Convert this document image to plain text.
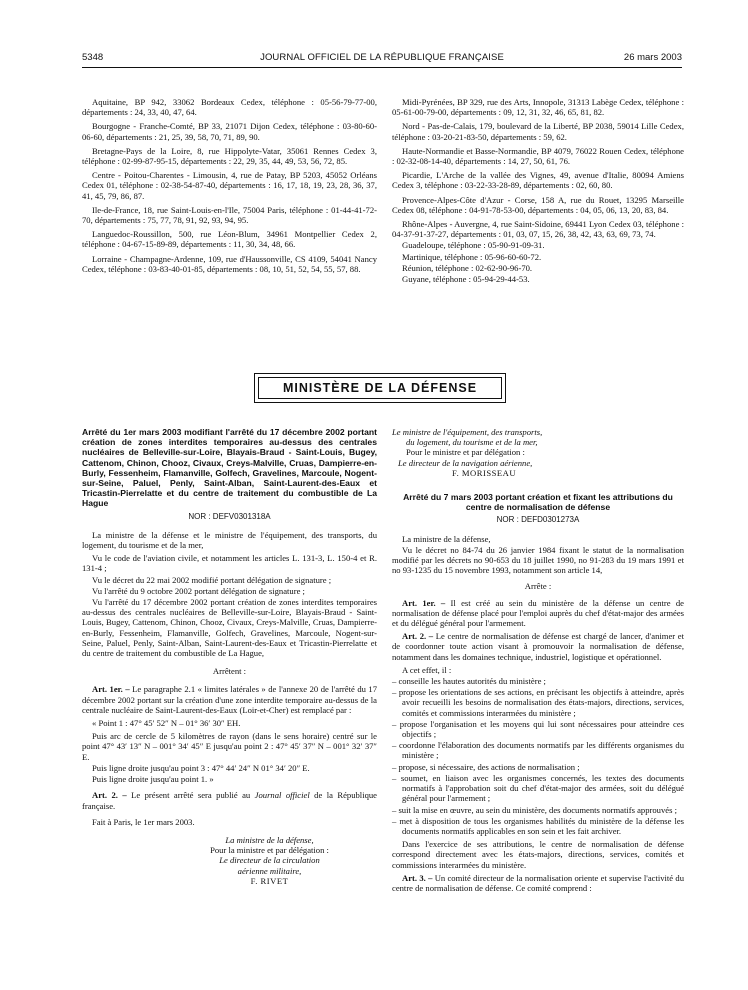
5348	JOURNAL OFFICIEL DE LA RÉPUBLIQUE FRANÇAISE	26 mars 2003

Aquitaine, BP 942, 33062 Bordeaux Cedex, téléphone : 05-56-79-77-00, départements : 24, 33, 40, 47, 64.

Bourgogne - Franche-Comté, BP 33, 21071 Dijon Cedex, téléphone : 03-80-60-06-60, départements : 21, 25, 39, 58, 70, 71, 89, 90.

Bretagne-Pays de la Loire, 8, rue Hippolyte-Vatar, 35061 Rennes Cedex 3, téléphone : 02-99-87-95-15, départements : 22, 29, 35, 44, 49, 53, 56, 72, 85.

Centre - Poitou-Charentes - Limousin, 4, rue de Patay, BP 5203, 45052 Orléans Cedex 01, téléphone : 02-38-54-87-40, départements : 16, 17, 18, 19, 23, 28, 36, 37, 41, 45, 79, 86, 87.

Ile-de-France, 18, rue Saint-Louis-en-l'Ile, 75004 Paris, téléphone : 01-44-41-72-70, départements : 75, 77, 78, 91, 92, 93, 94, 95.

Languedoc-Roussillon, 500, rue Léon-Blum, 34961 Montpellier Cedex 2, téléphone : 04-67-15-89-89, départements : 11, 30, 34, 48, 66.

Lorraine - Champagne-Ardenne, 109, rue d'Haussonville, CS 4109, 54041 Nancy Cedex, téléphone : 03-83-40-01-85, départements : 08, 10, 51, 52, 54, 55, 57, 88.

Midi-Pyrénées, BP 329, rue des Arts, Innopole, 31313 Labège Cedex, téléphone : 05-61-00-79-00, départements : 09, 12, 31, 32, 46, 65, 81, 82.

Nord - Pas-de-Calais, 179, boulevard de la Liberté, BP 2038, 59014 Lille Cedex, téléphone : 03-20-21-83-50, départements : 59, 62.

Haute-Normandie et Basse-Normandie, BP 4079, 76022 Rouen Cedex, téléphone : 02-32-08-14-40, départements : 14, 27, 50, 61, 76.

Picardie, L'Arche de la vallée des Vignes, 49, avenue d'Italie, 80094 Amiens Cedex 3, téléphone : 03-22-33-28-89, départements : 02, 60, 80.

Provence-Alpes-Côte d'Azur - Corse, 158 A, rue du Rouet, 13295 Marseille Cedex 08, téléphone : 04-91-78-53-00, départements : 04, 05, 06, 13, 20, 83, 84.

Rhône-Alpes - Auvergne, 4, rue Saint-Sidoine, 69441 Lyon Cedex 03, téléphone : 04-37-91-37-27, départements : 01, 03, 07, 15, 26, 38, 42, 43, 63, 69, 73, 74.

Guadeloupe, téléphone : 05-90-91-09-31.

Martinique, téléphone : 05-96-60-60-72.

Réunion, téléphone : 02-62-90-96-70.

Guyane, téléphone : 05-94-29-44-53.

MINISTÈRE DE LA DÉFENSE

Arrêté du 1er mars 2003 modifiant l'arrêté du 17 décembre 2002 portant création de zones interdites temporaires au-dessus des centrales nucléaires de Belleville-sur-Loire, Blayais-Braud - Saint-Louis, Bugey, Cattenom, Chinon, Chooz, Civaux, Creys-Malville, Cruas, Dampierre-en-Burly, Fessenheim, Flamanville, Golfech, Gravelines, Marcoule, Nogent-sur-Seine, Paluel, Penly, Saint-Alban, Saint-Laurent-des-Eaux et Tricastin-Pierrelatte et du centre de traitement du combustible de La Hague

NOR : DEFV0301318A

La ministre de la défense et le ministre de l'équipement, des transports, du logement, du tourisme et de la mer,

Vu le code de l'aviation civile, et notamment les articles L. 131-3, L. 150-4 et R. 131-4 ;

Vu le décret du 22 mai 2002 modifié portant délégation de signature ;

Vu l'arrêté du 9 octobre 2002 portant délégation de signature ;

Vu l'arrêté du 17 décembre 2002 portant création de zones interdites temporaires au-dessus des centrales nucléaires de Belleville-sur-Loire, Blayais-Braud - Saint-Louis, Bugey, Cattenom, Chinon, Chooz, Civaux, Creys-Malville, Cruas, Dampierre-en-Burly, Fessenheim, Flamanville, Golfech, Gravelines, Marcoule, Nogent-sur-Seine, Paluel, Penly, Saint-Alban, Saint-Laurent-des-Eaux et Tricastin-Pierrelatte et du centre de traitement du combustible de La Hague,

Arrêtent :

Art. 1er. – Le paragraphe 2.1 « limites latérales » de l'annexe 20 de l'arrêté du 17 décembre 2002 portant sur la création d'une zone interdite temporaire au-dessus de la centrale nucléaire de Saint-Laurent-des-Eaux (Loir-et-Cher) est remplacé par :

« Point 1 : 47° 45′ 52″ N – 01° 36′ 30″ EH.

Puis arc de cercle de 5 kilomètres de rayon (dans le sens horaire) centré sur le point 47° 43′ 13″ N – 001° 34′ 45″ E jusqu'au point 2 : 47° 45′ 37″ N – 001° 32′ 37″ E.

Puis ligne droite jusqu'au point 3 : 47° 44′ 24″ N 01° 34′ 20″ E.

Puis ligne droite jusqu'au point 1. »

Art. 2. – Le présent arrêté sera publié au Journal officiel de la République française.

Fait à Paris, le 1er mars 2003.

La ministre de la défense,

Pour la ministre et par délégation :

Le directeur de la circulation

aérienne militaire,

F. RIVET

Le ministre de l'équipement, des transports,

du logement, du tourisme et de la mer,

Pour le ministre et par délégation :

Le directeur de la navigation aérienne,

F. MORISSEAU

Arrêté du 7 mars 2003 portant création et fixant les attributions du centre de normalisation de défense

NOR : DEFD0301273A

La ministre de la défense,

Vu le décret no 84-74 du 26 janvier 1984 fixant le statut de la normalisation modifié par les décrets no 90-653 du 18 juillet 1990, no 91-283 du 19 mars 1991 et no 93-1235 du 15 novembre 1993, notamment son article 14,

Arrête :

Art. 1er. – Il est créé au sein du ministère de la défense un centre de normalisation de défense placé pour l'emploi auprès du chef d'état-major des armées et du délégué général pour l'armement.

Art. 2. – Le centre de normalisation de défense est chargé de lancer, d'animer et de coordonner toute action visant à promouvoir la normalisation de défense, notamment dans les domaines technique, industriel, logistique et opérationnel.

A cet effet, il :

– conseille les hautes autorités du ministère ;
– propose les orientations de ses actions, en précisant les objectifs à atteindre, après avoir recueilli les besoins de normalisation des états-majors, directions, services, comités et commissions interarmées du ministère ;
– propose l'organisation et les moyens qui lui sont nécessaires pour atteindre ces objectifs ;
– coordonne l'élaboration des documents normatifs par les différents organismes du ministère ;
– propose, si nécessaire, des actions de normalisation ;
– soumet, en liaison avec les organismes concernés, les textes des documents normatifs à l'approbation soit du chef d'état-major des armées, soit du délégué général pour l'armement ;
– suit la mise en œuvre, au sein du ministère, des documents normatifs approuvés ;
– met à disposition de tous les organismes habilités du ministère de la défense les documents normatifs applicables en son sein et les fait archiver.

Dans l'exercice de ses attributions, le centre de normalisation de défense correspond directement avec les états-majors, directions, services, comités et commissions interarmées du ministère.

Art. 3. – Un comité directeur de la normalisation oriente et supervise l'activité du centre de normalisation de défense. Ce comité comprend :
